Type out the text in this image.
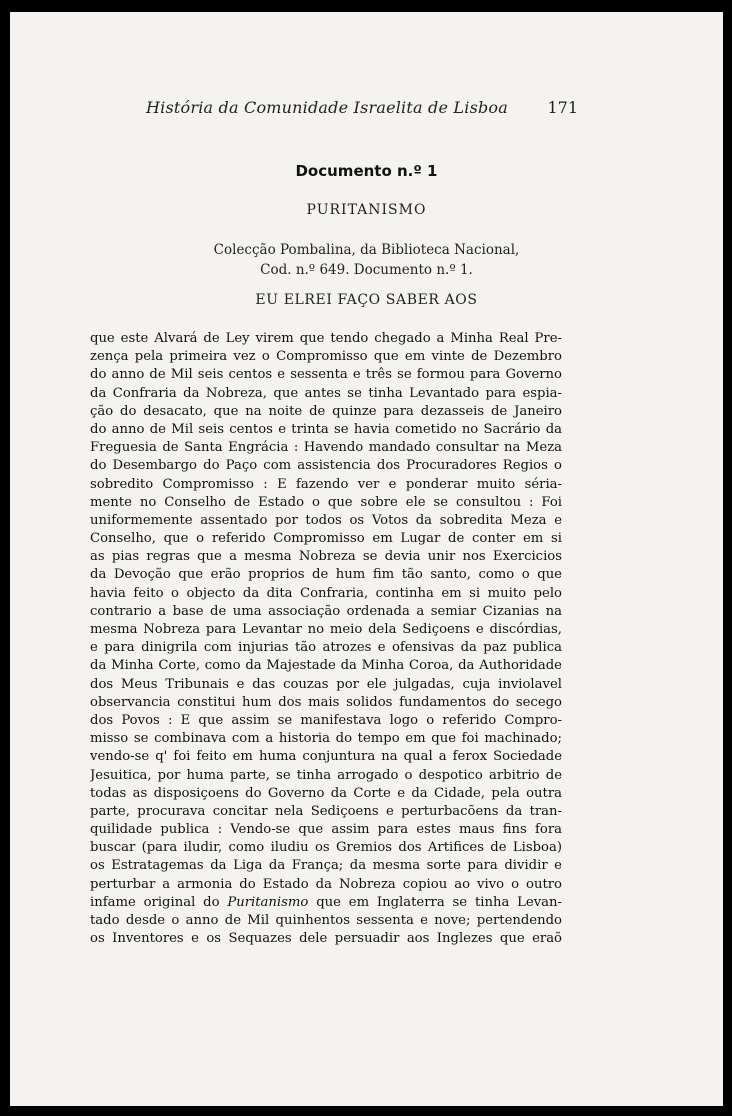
História da Comunidade Israelita de Lisboa 171
Documento n.º 1
PURITANISMO
Colecção Pombalina, da Biblioteca Nacional,
Cod. n.º 649. Documento n.º 1.
EU ELREI FAÇO SABER AOS
que este Alvará de Ley virem que tendo chegado a Minha Real Pre-
zença pela primeira vez o Compromisso que em vinte de Dezembro
do anno de Mil seis centos e sessenta e três se formou para Governo
da Confraria da Nobreza, que antes se tinha Levantado para espia-
ção do desacato, que na noite de quinze para dezasseis de Janeiro
do anno de Mil seis centos e trinta se havia cometido no Sacrário da
Freguesia de Santa Engrácia : Havendo mandado consultar na Meza
do Desembargo do Paço com assistencia dos Procuradores Regios o
sobredito Compromisso : E fazendo ver e ponderar muito séria-
mente no Conselho de Estado o que sobre ele se consultou : Foi
uniformemente assentado por todos os Votos da sobredita Meza e
Conselho, que o referido Compromisso em Lugar de conter em si
as pias regras que a mesma Nobreza se devia unir nos Exercicios
da Devoção que erão proprios de hum fim tão santo, como o que
havia feito o objecto da dita Confraria, continha em si muito pelo
contrario a base de uma associação ordenada a semiar Cizanias na
mesma Nobreza para Levantar no meio dela Sediçoens e discórdias,
e para dinigrila com injurias tão atrozes e ofensivas da paz publica
da Minha Corte, como da Majestade da Minha Coroa, da Authoridade
dos Meus Tribunais e das couzas por ele julgadas, cuja inviolavel
observancia constitui hum dos mais solidos fundamentos do secego
dos Povos : E que assim se manifestava logo o referido Compro-
misso se combinava com a historia do tempo em que foi machinado;
vendo-se q' foi feito em huma conjuntura na qual a ferox Sociedade
Jesuitica, por huma parte, se tinha arrogado o despotico arbitrio de
todas as disposiçoens do Governo da Corte e da Cidade, pela outra
parte, procurava concitar nela Sediçoens e perturbacõens da tran-
quilidade publica : Vendo-se que assim para estes maus fins fora
buscar (para iludir, como iludiu os Gremios dos Artifices de Lisboa)
os Estratagemas da Liga da França; da mesma sorte para dividir e
perturbar a armonia do Estado da Nobreza copiou ao vivo o outro
infame original do Puritanismo que em Inglaterra se tinha Levan-
tado desde o anno de Mil quinhentos sessenta e nove; pertendendo
os Inventores e os Sequazes dele persuadir aos Inglezes que eraõ
